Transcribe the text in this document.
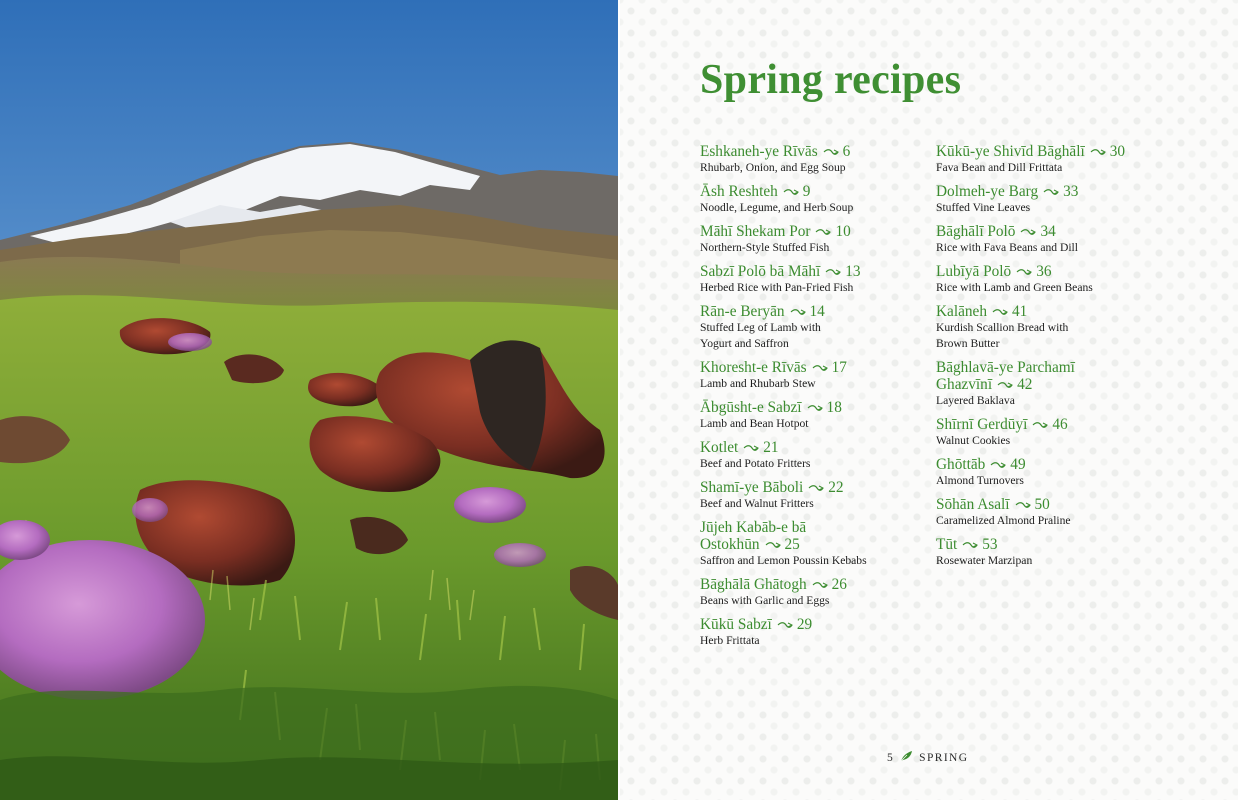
Spring recipes

Eshkaneh-ye Rīvās 6
Rhubarb, Onion, and Egg Soup

Āsh Reshteh 9
Noodle, Legume, and Herb Soup

Māhī Shekam Por 10
Northern-Style Stuffed Fish

Sabzī Polō bā Māhī 13
Herbed Rice with Pan-Fried Fish

Rān-e Beryān 14
Stuffed Leg of Lamb with
Yogurt and Saffron

Khoresht-e Rīvās 17
Lamb and Rhubarb Stew

Ābgūsht-e Sabzī 18
Lamb and Bean Hotpot

Kotlet 21
Beef and Potato Fritters

Shamī-ye Bāboli 22
Beef and Walnut Fritters

Jūjeh Kabāb-e bā
Ostokhūn 25
Saffron and Lemon Poussin Kebabs

Bāghālā Ghātogh 26
Beans with Garlic and Eggs

Kūkū Sabzī 29
Herb Frittata

Kūkū-ye Shivīd Bāghālī 30
Fava Bean and Dill Frittata

Dolmeh-ye Barg 33
Stuffed Vine Leaves

Bāghālī Polō 34
Rice with Fava Beans and Dill

Lubīyā Polō 36
Rice with Lamb and Green Beans

Kalāneh 41
Kurdish Scallion Bread with
Brown Butter

Bāghlavā-ye Parchamī
Ghazvīnī 42
Layered Baklava

Shīrnī Gerdūyī 46
Walnut Cookies

Ghōttāb 49
Almond Turnovers

Sōhān Asalī 50
Caramelized Almond Praline

Tūt 53
Rosewater Marzipan

5 SPRING
